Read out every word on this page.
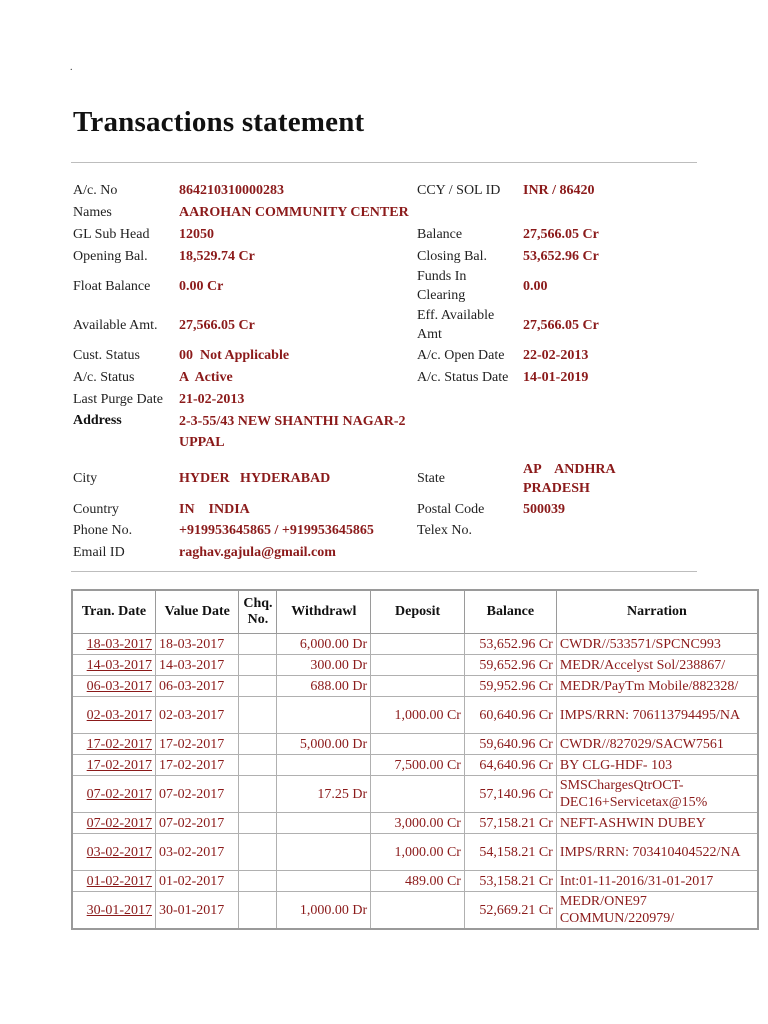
.
Transactions statement
A/c. No	864210310000283	CCY / SOL ID INR / 86420
Names	AAROHAN COMMUNITY CENTER
GL Sub Head 12050	Balance	27,566.05 Cr
Opening Bal. 18,529.74 Cr	Closing Bal.	53,652.96 Cr
Float Balance 0.00 Cr
Funds In Clearing
0.00
Available Amt. 27,566.05 Cr
Eff. Available Amt
27,566.05 Cr
Cust. Status	00  Not Applicable	A/c. Open Date 22-02-2013
A/c. Status	A  Active	A/c. Status Date 14-01-2019
Last Purge Date 21-02-2013
Address	2-3-55/43 NEW SHANTHI NAGAR-2 UPPAL
City	HYDER   HYDERABAD	State
AP    ANDHRA PRADESH
Country	IN    INDIA	Postal Code	500039
Phone No.	+919953645865 / +919953645865	Telex No.
Email ID	raghav.gajula@gmail.com
Tran. Date	Value Date	Chq. No.	Withdrawl	Deposit	Balance	Narration
18-03-2017	18-03-2017		6,000.00 Dr		53,652.96 Cr	CWDR//533571/SPCNC993
14-03-2017	14-03-2017		300.00 Dr		59,652.96 Cr	MEDR/Accelyst Sol/238867/
06-03-2017	06-03-2017		688.00 Dr		59,952.96 Cr	MEDR/PayTm Mobile/882328/
02-03-2017	02-03-2017			1,000.00 Cr	60,640.96 Cr	IMPS/RRN: 706113794495/NA
17-02-2017	17-02-2017		5,000.00 Dr		59,640.96 Cr	CWDR//827029/SACW7561
17-02-2017	17-02-2017			7,500.00 Cr	64,640.96 Cr	BY CLG-HDF- 103
07-02-2017	07-02-2017		17.25 Dr		57,140.96 Cr	SMSChargesQtrOCT-DEC16+Servicetax@15%
07-02-2017	07-02-2017			3,000.00 Cr	57,158.21 Cr	NEFT-ASHWIN DUBEY
03-02-2017	03-02-2017			1,000.00 Cr	54,158.21 Cr	IMPS/RRN: 703410404522/NA
01-02-2017	01-02-2017			489.00 Cr	53,158.21 Cr	Int:01-11-2016/31-01-2017
30-01-2017	30-01-2017		1,000.00 Dr		52,669.21 Cr	MEDR/ONE97 COMMUN/220979/
